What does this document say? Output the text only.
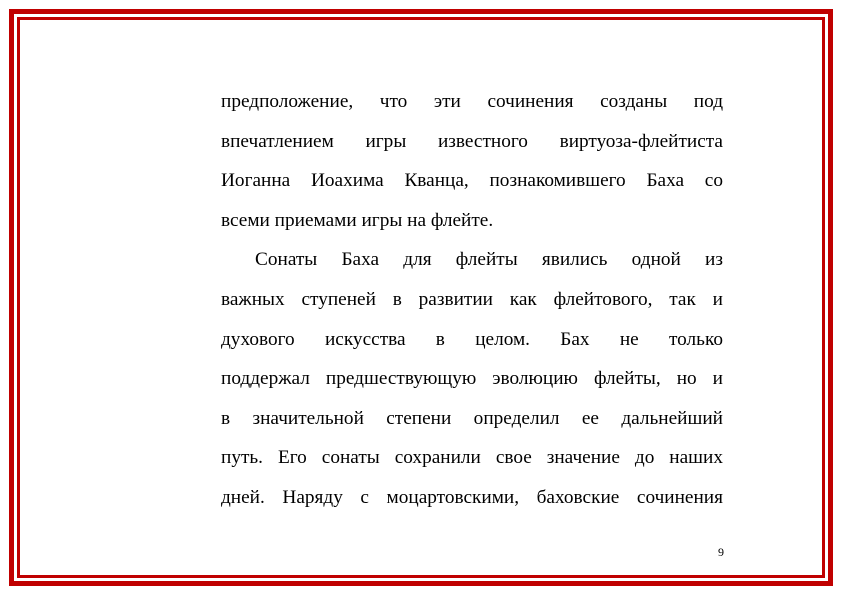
предположение, что эти сочинения созданы под
впечатлением игры известного виртуоза-флейтиста
Иоганна Иоахима Кванца, познакомившего Баха со
всеми приемами игры на флейте.

Сонаты Баха для флейты явились одной из
важных ступеней в развитии как флейтового, так и
духового искусства в целом. Бах не только
поддержал предшествующую эволюцию флейты, но и
в значительной степени определил ее дальнейший
путь. Его сонаты сохранили свое значение до наших
дней. Наряду с моцартовскими, баховские сочинения

9
